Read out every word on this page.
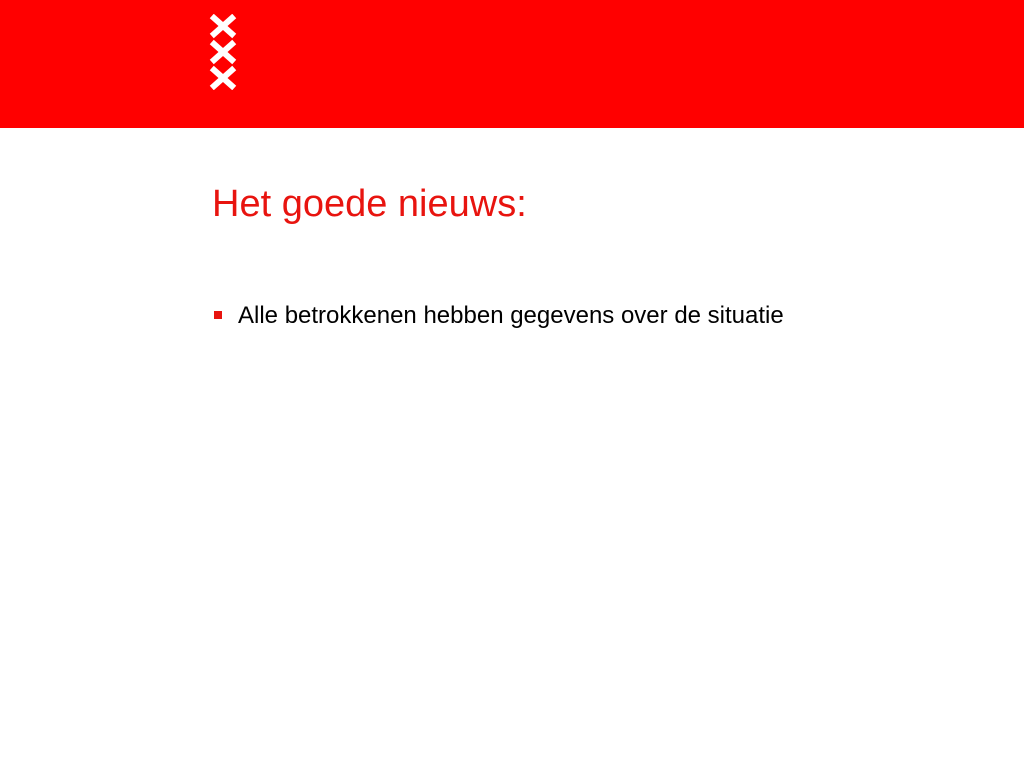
Het goede nieuws:
Alle betrokkenen hebben gegevens over de situatie
